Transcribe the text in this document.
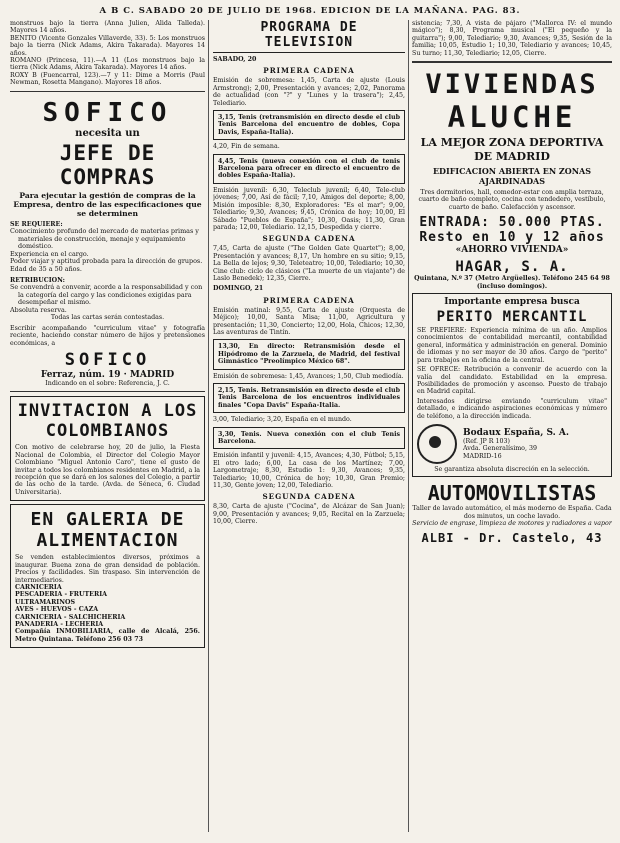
A B C. SABADO 20 DE JULIO DE 1968. EDICION DE LA MAÑANA. PAG. 83.

monstruos bajo la tierra (Anna Julien, Alida Talleda). Mayores 14 años.

BENITO (Vicente Gonzales Villaverde, 33). 5: Los monstruos bajo la tierra (Nick Adams, Akira Takarada). Mayores 14 años.

ROMANO (Princesa, 11).—A 11 (Los monstruos bajo la tierra (Nick Adams, Akira Takarada). Mayores 14 años.

ROXY B (Fuencarral, 123).—7 y 11: Dime a Morris (Paul Newman, Rosetta Mangano). Mayores 18 años.

SOFICO
necesita un
JEFE DE COMPRAS

Para ejecutar la gestión de compras de la Empresa, dentro de las especificaciones que se determinen

SE REQUIERE:

Conocimiento profundo del mercado de materias primas y materiales de construcción, menaje y equipamiento doméstico.

Experiencia en el cargo.

Poder viajar y aptitud probada para la dirección de grupos.

Edad de 35 a 50 años.

RETRIBUCION:

Se convendrá a convenir, acorde a la responsabilidad y con la categoría del cargo y las condiciones exigidas para desempeñar el mismo.

Absoluta reserva.

Todas las cartas serán contestadas.

Escribir acompañando "curriculum vitae" y fotografía reciente, haciendo constar número de hijos y pretensiones económicas, a

SOFICO
Ferraz, núm. 19 · MADRID

Indicando en el sobre: Referencia, J. C.

INVITACION A LOS COLOMBIANOS

Con motivo de celebrarse hoy, 20 de julio, la Fiesta Nacional de Colombia, el Director del Colegio Mayor Colombiano "Miguel Antonio Caro", tiene el gusto de invitar a todos los colombianos residentes en Madrid, a la recepción que se dará en los salones del Colegio, a partir de las ocho de la tarde. (Avda. de Séneca, 6. Ciudad Universitaria).

EN GALERIA DE ALIMENTACION

Se venden establecimientos diversos, próximos a inaugurar. Buena zona de gran densidad de población. Precios y facilidades. Sin traspaso. Sin intervención de intermediarios.

CARNICERIA

PESCADERIA - FRUTERIA

ULTRAMARINOS

AVES - HUEVOS - CAZA

CARNICERIA - SALCHICHERIA

PANADERIA - LECHERIA

Compañía INMOBILIARIA, calle de Alcalá, 256. Metro Quintana. Teléfono 256 03 73

PROGRAMA DE TELEVISION

SABADO, 20

PRIMERA CADENA

Emisión de sobremesa: 1,45, Carta de ajuste (Louis Armstrong); 2,00, Presentación y avances; 2,02, Panorama de actualidad (con "?" y "Lunes y la trasera"); 2,45, Telediario.

3,15, Tenis (retransmisión en directo desde el club Tenis Barcelona del encuentro de dobles, Copa Davis, España-Italia).

4,20, Fin de semana.

4,45, Tenis (nueva conexión con el club de tenis Barcelona para ofrecer en directo el encuentro de dobles España-Italia).

Emisión juvenil: 6,30, Teleclub juvenil; 6,40, Tele-club jóvenes; 7,00, Así de fácil; 7,10, Amigos del deporte; 8,00, Misión imposible: 8,30, Exploradores: "Es el mar"; 9,00, Telediario; 9,30, Avances; 9,45, Crónica de hoy; 10,00, El Sábado "Pueblos de España"; 10,30, Oasis; 11,30, Gran parada; 12,00, Telediario. 12,15, Despedida y cierre.

SEGUNDA CADENA

7,45, Carta de ajuste ("The Golden Gate Quartet"); 8,00, Presentación y avances; 8,17, Un hombre en su sitio; 9,15, La Bella de lejos; 9,30, Teleteatro; 10,00, Telediario; 10,30, Cine club: ciclo de clásicos ("La muerte de un viajante") de Laslo Benedek); 12,35, Cierre.

DOMINGO, 21

PRIMERA CADENA

Emisión matinal: 9,55, Carta de ajuste (Orquesta de Méjico); 10,00, Santa Misa; 11,00, Agricultura y presentación; 11,30, Concierto; 12,00, Hola, Chicos; 12,30, Las aventuras de Tintín.

13,30, En directo: Retransmisión desde el Hipódromo de la Zarzuela, de Madrid, del festival Gimnástico "Preolímpico México 68".

Emisión de sobremesa: 1,45, Avances; 1,50, Club mediodía.

2,15, Tenis. Retransmisión en directo desde el club Tenis Barcelona de los encuentros individuales finales "Copa Davis" España-Italia.

3,00, Telediario; 3,20, España en el mundo.

3,30, Tenis. Nueva conexión con el club Tenis Barcelona.

Emisión infantil y juvenil: 4,15, Avances; 4,30, Fútbol; 5,15, El otro lado; 6,00, La casa de los Martínez; 7,00, Largometraje; 8,30, Estudio 1: 9,30, Avances; 9,35, Telediario; 10,00, Crónica de hoy; 10,30, Gran Premio; 11,30, Gente joven; 12,00, Telediario.

SEGUNDA CADENA

8,30, Carta de ajuste ("Cocina", de Alcázar de San Juan); 9,00, Presentación y avances; 9,05, Recital en la Zarzuela; 10,00, Cierre.

sistencia; 7,30, A vista de pájaro ("Mallorca IV: el mundo mágico"); 8,30, Programa musical ("El pequeño y la guitarra"); 9,00, Telediario; 9,30, Avances; 9,35, Sesión de la familia; 10,05, Estudio 1; 10,30, Telediario y avances; 10,45, Su turno; 11,30, Telediario; 12,05, Cierre.

VIVIENDAS
ALUCHE
LA MEJOR ZONA DEPORTIVA DE MADRID
EDIFICACION ABIERTA EN ZONAS AJARDINADAS

Tres dormitorios, hall, comedor-estar con amplia terraza, cuarto de baño completo, cocina con tendedero, vestíbulo, cuarto de baño. Calefacción y ascensor.

ENTRADA: 50.000 PTAS.
Resto en 10 y 12 años
«AHORRO VIVIENDA»
HAGAR, S. A.

Quintana, N.º 37 (Metro Argüelles). Teléfono 245 64 98 (incluso domingos).

Importante empresa busca
PERITO MERCANTIL

SE PREFIERE: Experiencia mínima de un año. Amplios conocimientos de contabilidad mercantil, contabilidad general, informática y administración en general. Dominio de idiomas y no ser mayor de 30 años. Cargo de "perito" para trabajos en la oficina de la central.

SE OFRECE: Retribución a convenir de acuerdo con la valía del candidato. Estabilidad en la empresa. Posibilidades de promoción y ascenso. Puesto de trabajo en Madrid capital.

Interesados dirigirse enviando "curriculum vitae" detallado, e indicando aspiraciones económicas y número de teléfono, a la dirección indicada.

Bodaux España, S. A.

(Ref. JP R 103)

Avda. Generalísimo, 39

MADRID-16

Se garantiza absoluta discreción en la selección.

AUTOMOVILISTAS

Taller de lavado automático, el más moderno de España. Cada dos minutos, un coche lavado.

Servicio de engrase, limpieza de motores y radiadores a vapor

ALBI - Dr. Castelo, 43
